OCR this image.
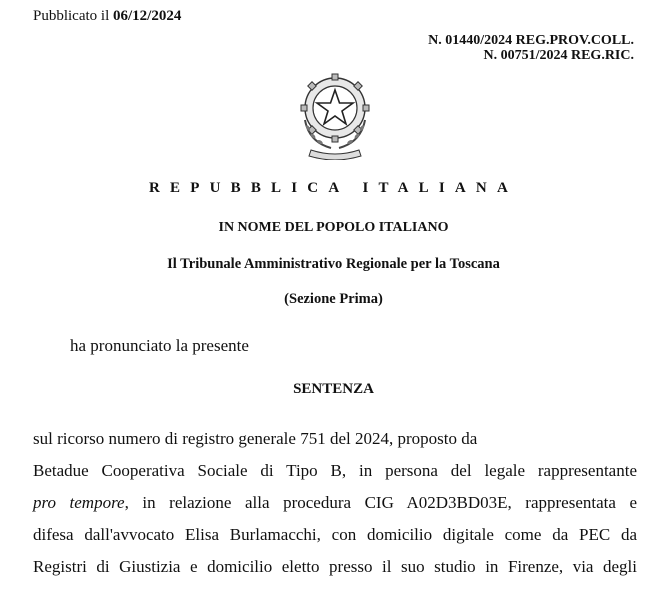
Pubblicato il 06/12/2024
N. 01440/2024 REG.PROV.COLL.
N. 00751/2024 REG.RIC.
REPUBBLICA ITALIANA
IN NOME DEL POPOLO ITALIANO
Il Tribunale Amministrativo Regionale per la Toscana
(Sezione Prima)
ha pronunciato la presente
SENTENZA
sul ricorso numero di registro generale 751 del 2024, proposto da
Betadue Cooperativa Sociale di Tipo B, in persona del legale rappresentante
pro tempore, in relazione alla procedura CIG A02D3BD03E, rappresentata e
difesa dall'avvocato Elisa Burlamacchi, con domicilio digitale come da PEC da
Registri di Giustizia e domicilio eletto presso il suo studio in Firenze, via degli
